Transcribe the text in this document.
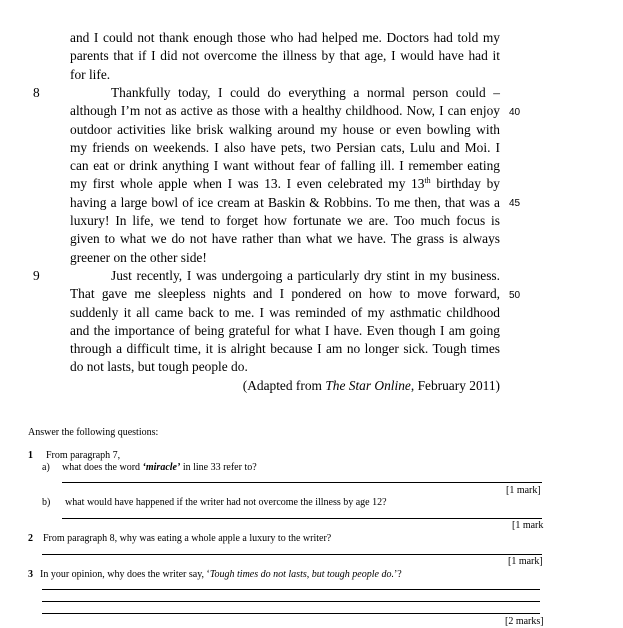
and I could not thank enough those who had helped me. Doctors had told my
parents that if I did not overcome the illness by that age, I would have had it
for life.
8	Thankfully today, I could do everything a normal person could –
although I’m not as active as those with a healthy childhood. Now, I can enjoy 40
outdoor activities like brisk walking around my house or even bowling with
my friends on weekends. I also have pets, two Persian cats, Lulu and Moi. I
can eat or drink anything I want without fear of falling ill. I remember eating
my first whole apple when I was 13. I even celebrated my 13th birthday by
having a large bowl of ice cream at Baskin & Robbins. To me then, that was a 45
luxury! In life, we tend to forget how fortunate we are. Too much focus is
given to what we do not have rather than what we have. The grass is always
greener on the other side!
9	Just recently, I was undergoing a particularly dry stint in my business.
That gave me sleepless nights and I pondered on how to move forward, 50
suddenly it all came back to me. I was reminded of my asthmatic childhood
and the importance of being grateful for what I have. Even though I am going
through a difficult time, it is alright because I am no longer sick. Tough times
do not lasts, but tough people do.
(Adapted from The Star Online, February 2011)
Answer the following questions:
1 From paragraph 7,
a) what does the word ‘miracle’ in line 33 refer to?
[1 mark]
b) what would have happened if the writer had not overcome the illness by age 12?
[1 mark
2 From paragraph 8, why was eating a whole apple a luxury to the writer?
[1 mark]
3 In your opinion, why does the writer say, ‘Tough times do not lasts, but tough people do.’?
[2 marks]
